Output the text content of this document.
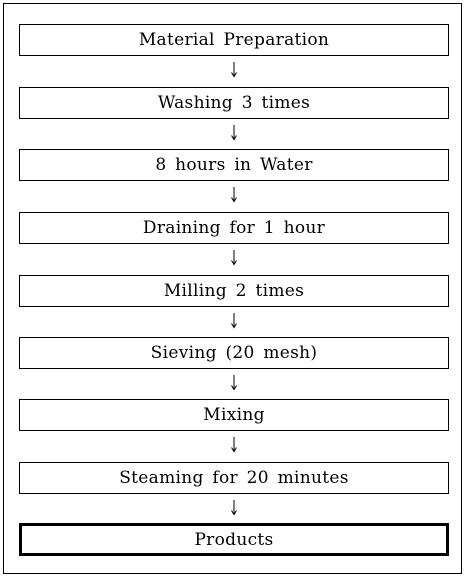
Material Preparation
Washing 3 times
8 hours in Water
Draining for 1 hour
Milling 2 times
Sieving (20 mesh)
Mixing
Steaming for 20 minutes
Products
